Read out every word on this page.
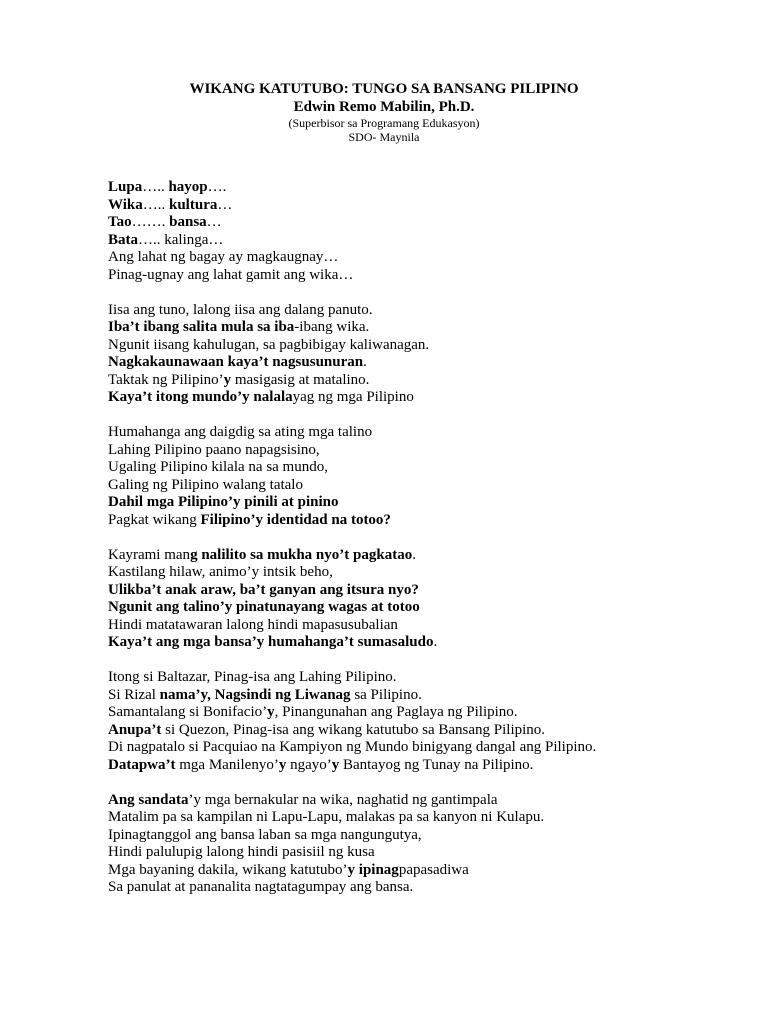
WIKANG KATUTUBO: TUNGO SA BANSANG PILIPINO

Edwin Remo Mabilin, Ph.D.

(Superbisor sa Programang Edukasyon)

SDO- Maynila

Lupa….. hayop….
Wika….. kultura…
Tao……. bansa…
Bata….. kalinga…
Ang lahat ng bagay ay magkaugnay…
Pinag-ugnay ang lahat gamit ang wika…
Iisa ang tuno, lalong iisa ang dalang panuto.
Iba’t ibang salita mula sa iba-ibang wika.
Ngunit iisang kahulugan, sa pagbibigay kaliwanagan.
Nagkakaunawaan kaya’t nagsusunuran.
Taktak ng Pilipino’y masigasig at matalino.
Kaya’t itong mundo’y nalalayag ng mga Pilipino
Humahanga ang daigdig sa ating mga talino
Lahing Pilipino paano napagsisino,
Ugaling Pilipino kilala na sa mundo,
Galing ng Pilipino walang tatalo
Dahil mga Pilipino’y pinili at pinino
Pagkat wikang Filipino’y identidad na totoo?
Kayrami mang nalilito sa mukha nyo’t pagkatao.
Kastilang hilaw, animo’y intsik beho,
Ulikba’t anak araw, ba’t ganyan ang itsura nyo?
Ngunit ang talino’y pinatunayang wagas at totoo
Hindi matatawaran lalong hindi mapasusubalian
Kaya’t ang mga bansa’y humahanga’t sumasaludo.
Itong si Baltazar, Pinag-isa ang Lahing Pilipino.
Si Rizal nama’y, Nagsindi ng Liwanag sa Pilipino.
Samantalang si Bonifacio’y, Pinangunahan ang Paglaya ng Pilipino.
Anupa’t si Quezon, Pinag-isa ang wikang katutubo sa Bansang Pilipino.
Di nagpatalo si Pacquiao na Kampiyon ng Mundo binigyang dangal ang Pilipino.
Datapwa’t mga Manilenyo’y ngayo’y Bantayog ng Tunay na Pilipino.
Ang sandata’y mga bernakular na wika, naghatid ng gantimpala
Matalim pa sa kampilan ni Lapu-Lapu, malakas pa sa kanyon ni Kulapu.
Ipinagtanggol ang bansa laban sa mga nangungutya,
Hindi palulupig lalong hindi pasisiil ng kusa
Mga bayaning dakila, wikang katutubo’y ipinagpapasadiwa
Sa panulat at pananalita nagtatagumpay ang bansa.
